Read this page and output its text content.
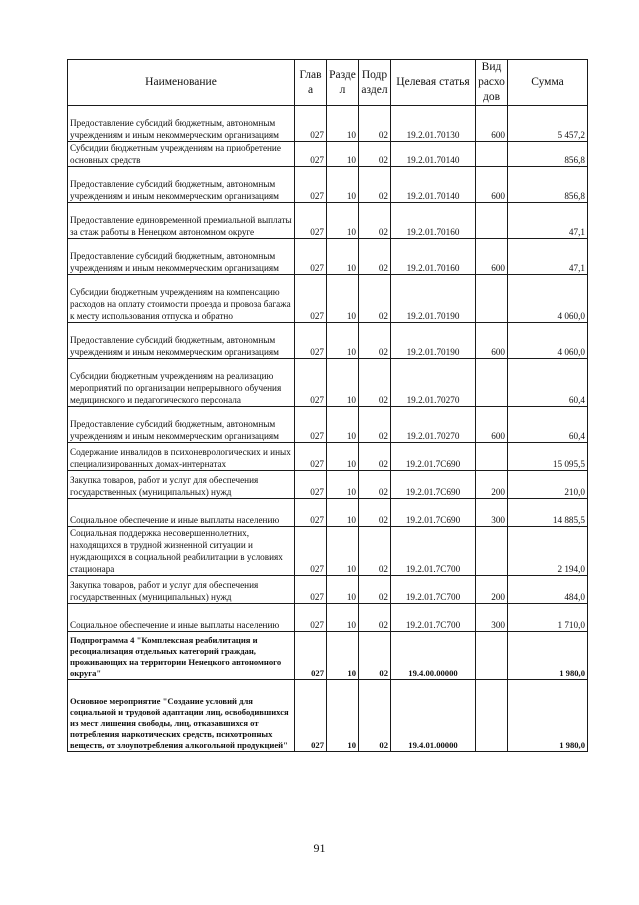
Наименование	Глав а	Разде л	Подр аздел	Целевая статья	Вид расхо дов	Сумма
Предоставление субсидий бюджетным, автономным учреждениям и иным некоммерческим организациям	027	10	02	19.2.01.70130	600	5 457,2
Субсидии бюджетным учреждениям на приобретение основных средств	027	10	02	19.2.01.70140		856,8
Предоставление субсидий бюджетным, автономным учреждениям и иным некоммерческим организациям	027	10	02	19.2.01.70140	600	856,8
Предоставление единовременной премиальной выплаты за стаж работы в Ненецком автономном округе	027	10	02	19.2.01.70160		47,1
Предоставление субсидий бюджетным, автономным учреждениям и иным некоммерческим организациям	027	10	02	19.2.01.70160	600	47,1
Субсидии бюджетным учреждениям на компенсацию расходов на оплату стоимости проезда и провоза багажа к месту использования отпуска и обратно	027	10	02	19.2.01.70190		4 060,0
Предоставление субсидий бюджетным, автономным учреждениям и иным некоммерческим организациям	027	10	02	19.2.01.70190	600	4 060,0
Субсидии бюджетным учреждениям на реализацию мероприятий по организации непрерывного обучения медицинского и педагогического персонала	027	10	02	19.2.01.70270		60,4
Предоставление субсидий бюджетным, автономным учреждениям и иным некоммерческим организациям	027	10	02	19.2.01.70270	600	60,4
Содержание инвалидов в психоневрологических и иных специализированных домах-интернатах	027	10	02	19.2.01.7С690		15 095,5
Закупка товаров, работ и услуг для обеспечения государственных (муниципальных) нужд	027	10	02	19.2.01.7С690	200	210,0
Социальное обеспечение и иные выплаты населению	027	10	02	19.2.01.7С690	300	14 885,5
Социальная поддержка несовершеннолетних, находящихся в трудной жизненной ситуации и нуждающихся в социальной реабилитации в условиях стационара	027	10	02	19.2.01.7С700		2 194,0
Закупка товаров, работ и услуг для обеспечения государственных (муниципальных) нужд	027	10	02	19.2.01.7С700	200	484,0
Социальное обеспечение и иные выплаты населению	027	10	02	19.2.01.7С700	300	1 710,0
Подпрограмма 4 "Комплексная реабилитация и ресоциализация отдельных категорий граждан, проживающих на территории Ненецкого автономного округа"	027	10	02	19.4.00.00000		1 980,0
Основное мероприятие "Создание условий для социальной и трудовой адаптации лиц, освободившихся из мест лишения свободы, лиц, отказавшихся от потребления наркотических средств, психотропных веществ, от злоупотребления алкогольной продукцией"	027	10	02	19.4.01.00000		1 980,0
91
